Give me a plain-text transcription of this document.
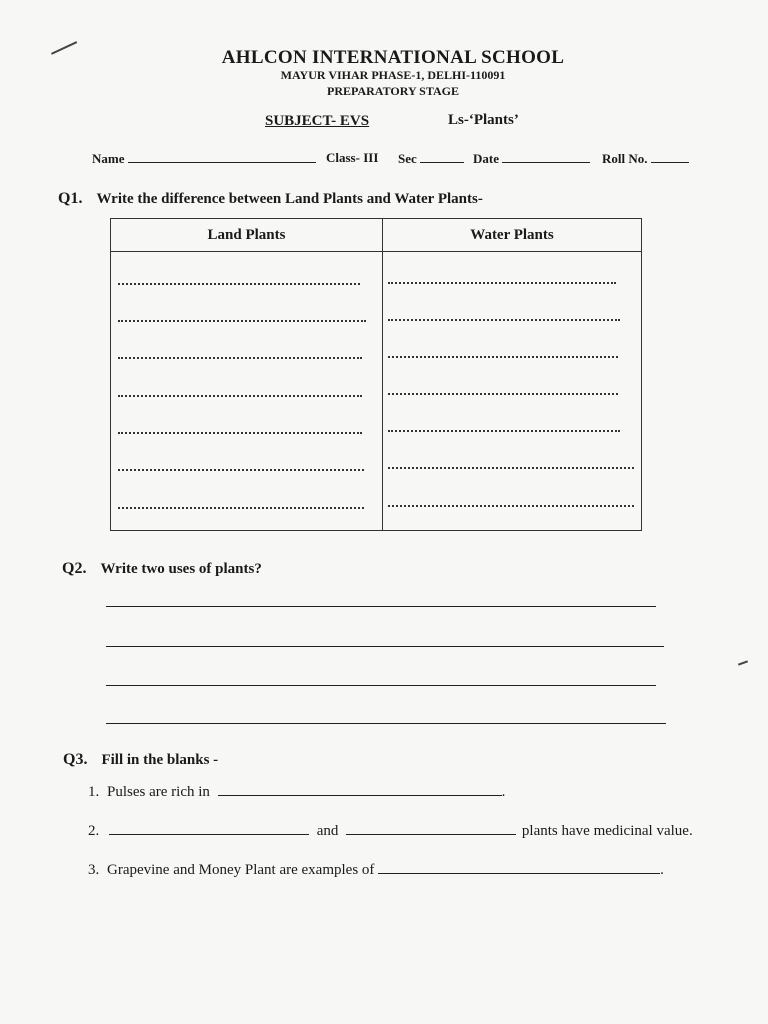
AHLCON INTERNATIONAL SCHOOL
MAYUR VIHAR PHASE-1, DELHI-110091
PREPARATORY STAGE
SUBJECT- EVS	Ls-‘Plants’
Name	Class- III Sec	Date	Roll No.
Q1. Write the difference between Land Plants and Water Plants-
Land Plants	Water Plants

Q2. Write two uses of plants?
Q3. Fill in the blanks -
1. Pulses are rich in	.
2.	and	plants have medicinal value.
3. Grapevine and Money Plant are examples of	.
